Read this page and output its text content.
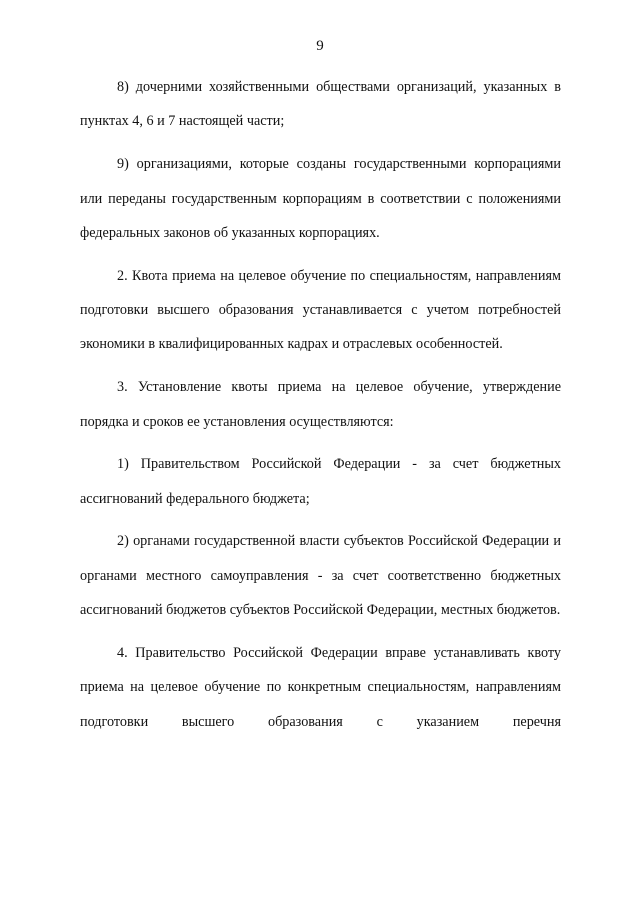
9

8) дочерними хозяйственными обществами организаций, указанных в пунктах 4, 6 и 7 настоящей части;

9) организациями, которые созданы государственными корпорациями или переданы государственным корпорациям в соответствии с положениями федеральных законов об указанных корпорациях.

2. Квота приема на целевое обучение по специальностям, направлениям подготовки высшего образования устанавливается с учетом потребностей экономики в квалифицированных кадрах и отраслевых особенностей.

3. Установление квоты приема на целевое обучение, утверждение порядка и сроков ее установления осуществляются:

1) Правительством Российской Федерации - за счет бюджетных ассигнований федерального бюджета;

2) органами государственной власти субъектов Российской Федерации и органами местного самоуправления - за счет соответственно бюджетных ассигнований бюджетов субъектов Российской Федерации, местных бюджетов.

4. Правительство Российской Федерации вправе устанавливать квоту приема на целевое обучение по конкретным специальностям, направлениям подготовки высшего образования с указанием перечня
